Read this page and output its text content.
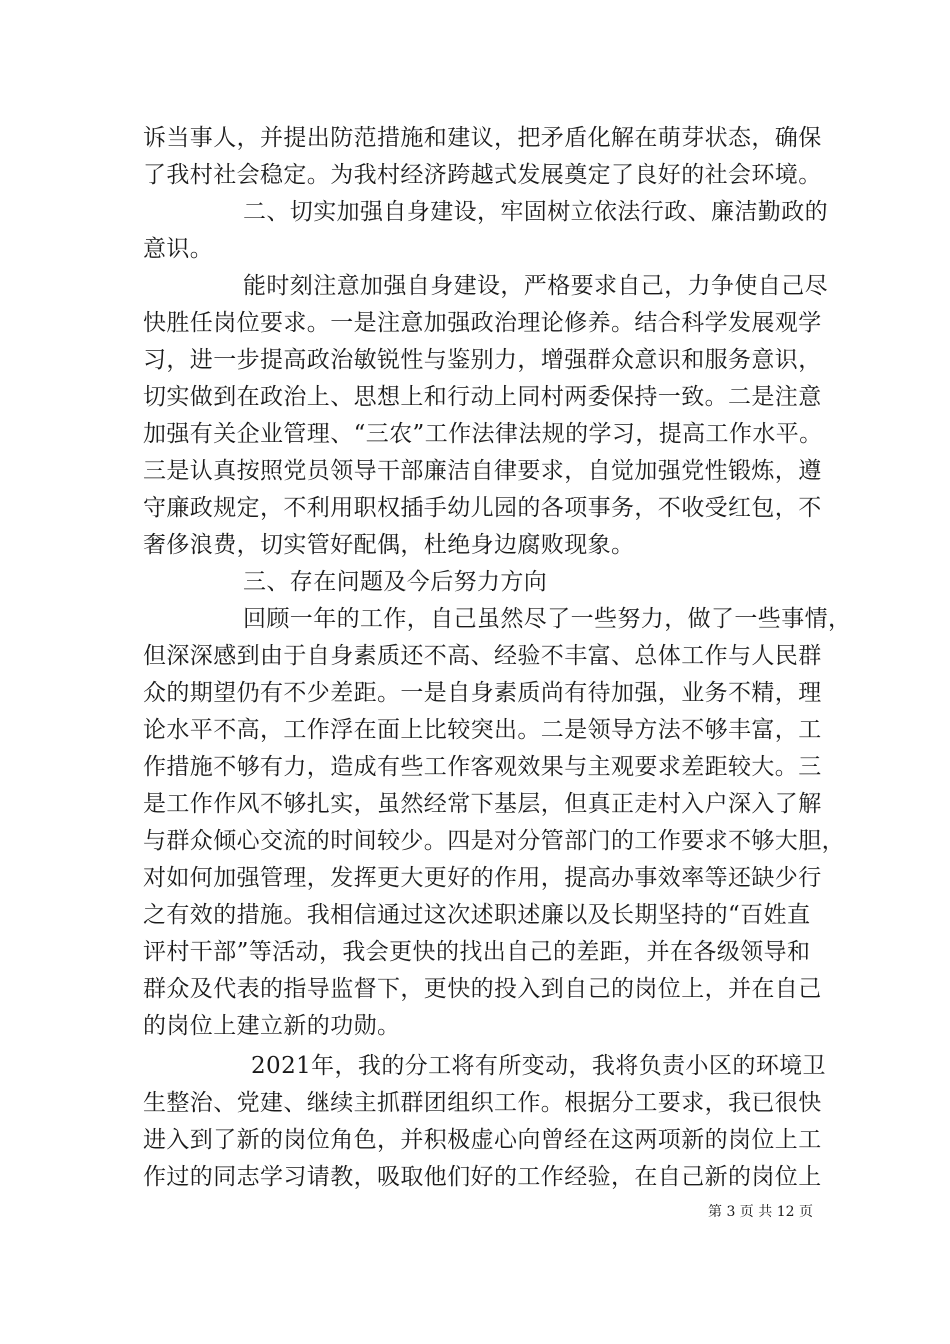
诉当事人，并提出防范措施和建议，把矛盾化解在萌芽状态，确保
了我村社会稳定。为我村经济跨越式发展奠定了良好的社会环境。
二、切实加强自身建设，牢固树立依法行政、廉洁勤政的
意识。
能时刻注意加强自身建设，严格要求自己，力争使自己尽
快胜任岗位要求。一是注意加强政治理论修养。结合科学发展观学
习，进一步提高政治敏锐性与鉴别力，增强群众意识和服务意识，
切实做到在政治上、思想上和行动上同村两委保持一致。二是注意
加强有关企业管理、“三农”工作法律法规的学习，提高工作水平。
三是认真按照党员领导干部廉洁自律要求，自觉加强党性锻炼，遵
守廉政规定，不利用职权插手幼儿园的各项事务，不收受红包，不
奢侈浪费，切实管好配偶，杜绝身边腐败现象。
三、存在问题及今后努力方向
回顾一年的工作，自己虽然尽了一些努力，做了一些事情，
但深深感到由于自身素质还不高、经验不丰富、总体工作与人民群
众的期望仍有不少差距。一是自身素质尚有待加强，业务不精，理
论水平不高，工作浮在面上比较突出。二是领导方法不够丰富，工
作措施不够有力，造成有些工作客观效果与主观要求差距较大。三
是工作作风不够扎实，虽然经常下基层，但真正走村入户深入了解
与群众倾心交流的时间较少。四是对分管部门的工作要求不够大胆，
对如何加强管理，发挥更大更好的作用，提高办事效率等还缺少行
之有效的措施。我相信通过这次述职述廉以及长期坚持的“百姓直
评村干部”等活动，我会更快的找出自己的差距，并在各级领导和
群众及代表的指导监督下，更快的投入到自己的岗位上，并在自己
的岗位上建立新的功勋。
2021年，我的分工将有所变动，我将负责小区的环境卫
生整治、党建、继续主抓群团组织工作。根据分工要求，我已很快
进入到了新的岗位角色，并积极虚心向曾经在这两项新的岗位上工
作过的同志学习请教，吸取他们好的工作经验，在自己新的岗位上
第 3 页 共 12 页
